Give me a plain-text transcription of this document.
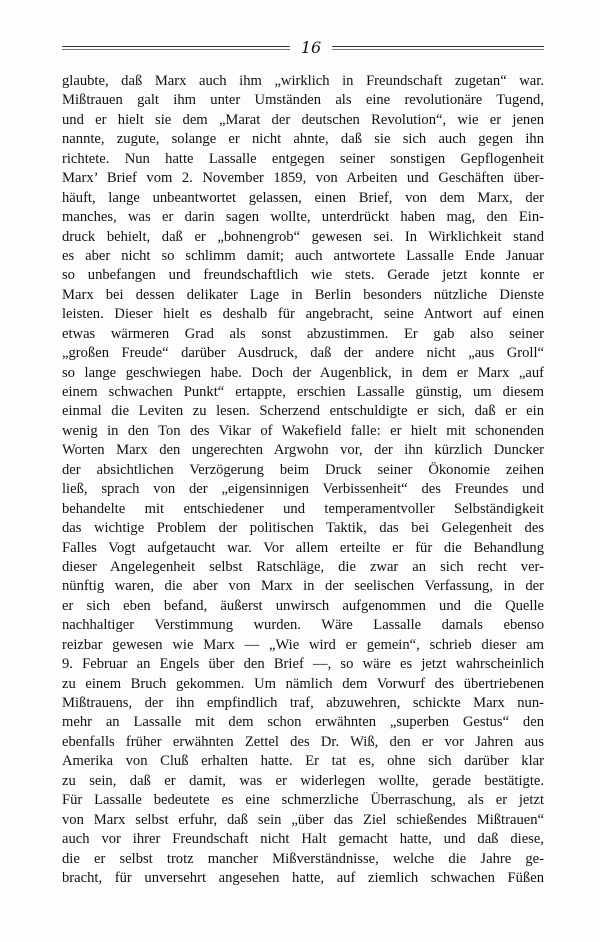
16
glaubte, daß Marx auch ihm „wirklich in Freundschaft zugetan“ war.
Mißtrauen galt ihm unter Umständen als eine revolutionäre Tugend,
und er hielt sie dem „Marat der deutschen Revolution“, wie er jenen
nannte, zugute, solange er nicht ahnte, daß sie sich auch gegen ihn
richtete. Nun hatte Lassalle entgegen seiner sonstigen Gepflogenheit
Marx’ Brief vom 2. November 1859, von Arbeiten und Geschäften über-
häuft, lange unbeantwortet gelassen, einen Brief, von dem Marx, der
manches, was er darin sagen wollte, unterdrückt haben mag, den Ein-
druck behielt, daß er „bohnengrob“ gewesen sei. In Wirklichkeit stand
es aber nicht so schlimm damit; auch antwortete Lassalle Ende Januar
so unbefangen und freundschaftlich wie stets. Gerade jetzt konnte er
Marx bei dessen delikater Lage in Berlin besonders nützliche Dienste
leisten. Dieser hielt es deshalb für angebracht, seine Antwort auf einen
etwas wärmeren Grad als sonst abzustimmen. Er gab also seiner
„großen Freude“ darüber Ausdruck, daß der andere nicht „aus Groll“
so lange geschwiegen habe. Doch der Augenblick, in dem er Marx „auf
einem schwachen Punkt“ ertappte, erschien Lassalle günstig, um diesem
einmal die Leviten zu lesen. Scherzend entschuldigte er sich, daß er ein
wenig in den Ton des Vikar of Wakefield falle: er hielt mit schonenden
Worten Marx den ungerechten Argwohn vor, der ihn kürzlich Duncker
der absichtlichen Verzögerung beim Druck seiner Ökonomie zeihen
ließ, sprach von der „eigensinnigen Verbissenheit“ des Freundes und
behandelte mit entschiedener und temperamentvoller Selbständigkeit
das wichtige Problem der politischen Taktik, das bei Gelegenheit des
Falles Vogt aufgetaucht war. Vor allem erteilte er für die Behandlung
dieser Angelegenheit selbst Ratschläge, die zwar an sich recht ver-
nünftig waren, die aber von Marx in der seelischen Verfassung, in der
er sich eben befand, äußerst unwirsch aufgenommen und die Quelle
nachhaltiger Verstimmung wurden. Wäre Lassalle damals ebenso
reizbar gewesen wie Marx — „Wie wird er gemein“, schrieb dieser am
9. Februar an Engels über den Brief —, so wäre es jetzt wahrscheinlich
zu einem Bruch gekommen. Um nämlich dem Vorwurf des übertriebenen
Mißtrauens, der ihn empfindlich traf, abzuwehren, schickte Marx nun-
mehr an Lassalle mit dem schon erwähnten „superben Gestus“ den
ebenfalls früher erwähnten Zettel des Dr. Wiß, den er vor Jahren aus
Amerika von Cluß erhalten hatte. Er tat es, ohne sich darüber klar
zu sein, daß er damit, was er widerlegen wollte, gerade bestätigte.
Für Lassalle bedeutete es eine schmerzliche Überraschung, als er jetzt
von Marx selbst erfuhr, daß sein „über das Ziel schießendes Mißtrauen“
auch vor ihrer Freundschaft nicht Halt gemacht hatte, und daß diese,
die er selbst trotz mancher Mißverständnisse, welche die Jahre ge-
bracht, für unversehrt angesehen hatte, auf ziemlich schwachen Füßen
